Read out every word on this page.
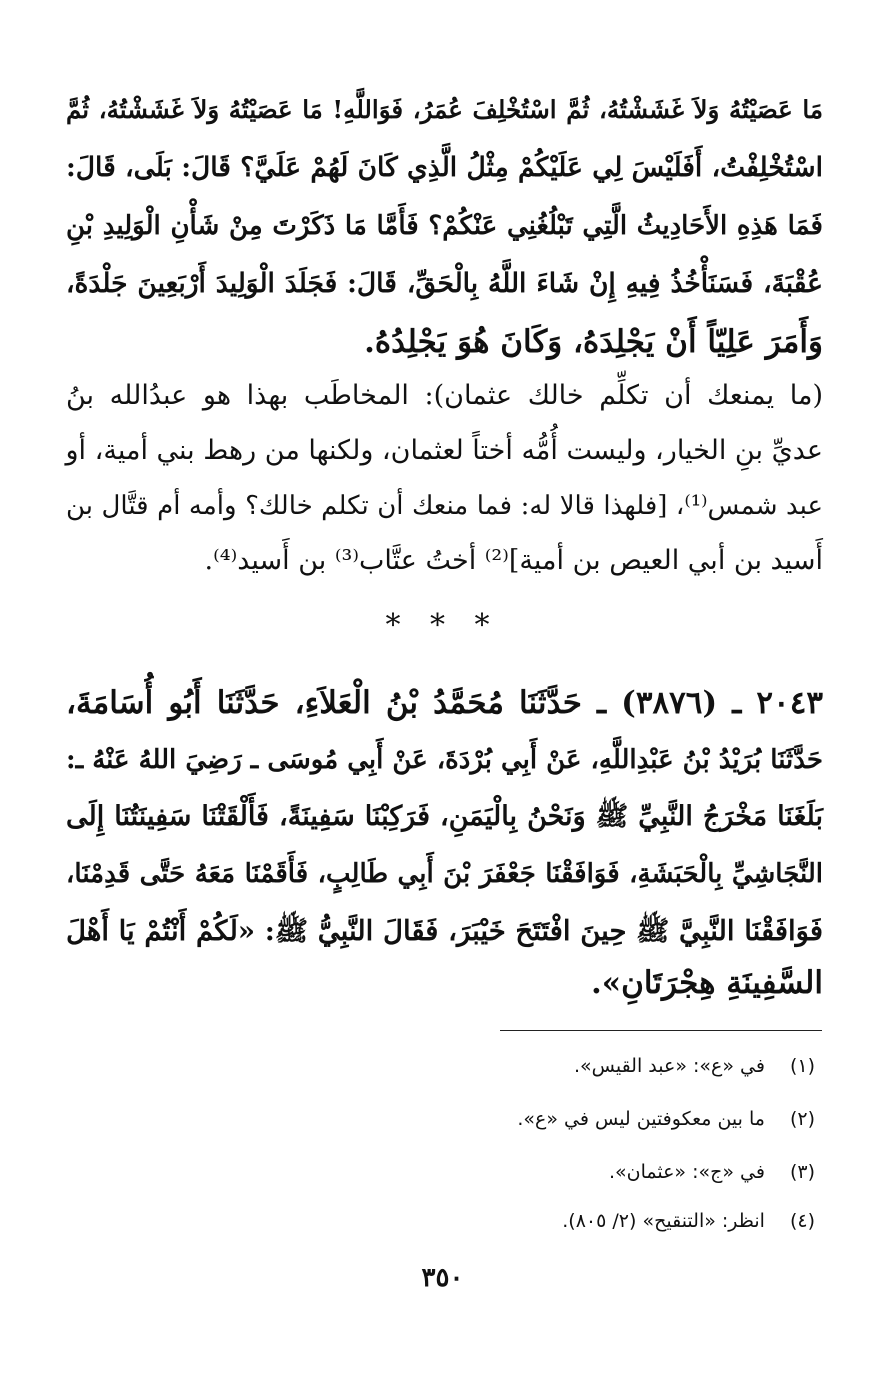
مَا عَصَيْتُهُ وَلاَ غَشَشْتُهُ، ثُمَّ اسْتُخْلِفَ عُمَرُ، فَوَاللَّهِ! مَا عَصَيْتُهُ وَلاَ غَشَشْتُهُ، ثُمَّ
اسْتُخْلِفْتُ، أَفَلَيْسَ لِي عَلَيْكُمْ مِثْلُ الَّذِي كَانَ لَهُمْ عَلَيَّ؟ قَالَ: بَلَى، قَالَ:
فَمَا هَذِهِ الأَحَادِيثُ الَّتِي تَبْلُغُنِي عَنْكُمْ؟ فَأَمَّا مَا ذَكَرْتَ مِنْ شَأْنِ الْوَلِيدِ بْنِ
عُقْبَةَ، فَسَنَأْخُذُ فِيهِ إِنْ شَاءَ اللَّهُ بِالْحَقِّ، قَالَ: فَجَلَدَ الْوَلِيدَ أَرْبَعِينَ جَلْدَةً،
وَأَمَرَ عَلِيّاً أَنْ يَجْلِدَهُ، وَكَانَ هُوَ يَجْلِدُهُ.
(ما يمنعك أن تكلِّم خالك عثمان): المخاطَب بهذا هو عبدُالله بنُ
عديِّ بنِ الخيار، وليست أُمُّه أختاً لعثمان، ولكنها من رهط بني أمية، أو
عبد شمس⁽¹⁾، [فلهذا قالا له: فما منعك أن تكلم خالك؟ وأمه أم قتَّال بن
أَسيد بن أبي العيص بن أمية]⁽²⁾ أختُ عتَّاب⁽³⁾ بن أَسيد⁽⁴⁾.
* * *
٢٠٤٣ ـ (٣٨٧٦) ـ حَدَّثَنَا مُحَمَّدُ بْنُ الْعَلاَءِ، حَدَّثَنَا أَبُو أُسَامَةَ،
حَدَّثَنَا بُرَيْدُ بْنُ عَبْدِاللَّهِ، عَنْ أَبِي بُرْدَةَ، عَنْ أَبِي مُوسَى ـ رَضِيَ اللهُ عَنْهُ ـ:
بَلَغَنَا مَخْرَجُ النَّبِيِّ ﷺ وَنَحْنُ بِالْيَمَنِ، فَرَكِبْنَا سَفِينَةً، فَأَلْقَتْنَا سَفِينَتُنَا إِلَى
النَّجَاشِيِّ بِالْحَبَشَةِ، فَوَافَقْنَا جَعْفَرَ بْنَ أَبِي طَالِبٍ، فَأَقَمْنَا مَعَهُ حَتَّى قَدِمْنَا،
فَوَافَقْنَا النَّبِيَّ ﷺ حِينَ افْتَتَحَ خَيْبَرَ، فَقَالَ النَّبِيُّ ﷺ: «لَكُمْ أَنْتُمْ يَا أَهْلَ
السَّفِينَةِ هِجْرَتَانِ».
(١) في «ع»: «عبد القيس».
(٢) ما بين معكوفتين ليس في «ع».
(٣) في «ج»: «عثمان».
(٤) انظر: «التنقيح» (٢/ ٨٠٥).
٣٥٠
